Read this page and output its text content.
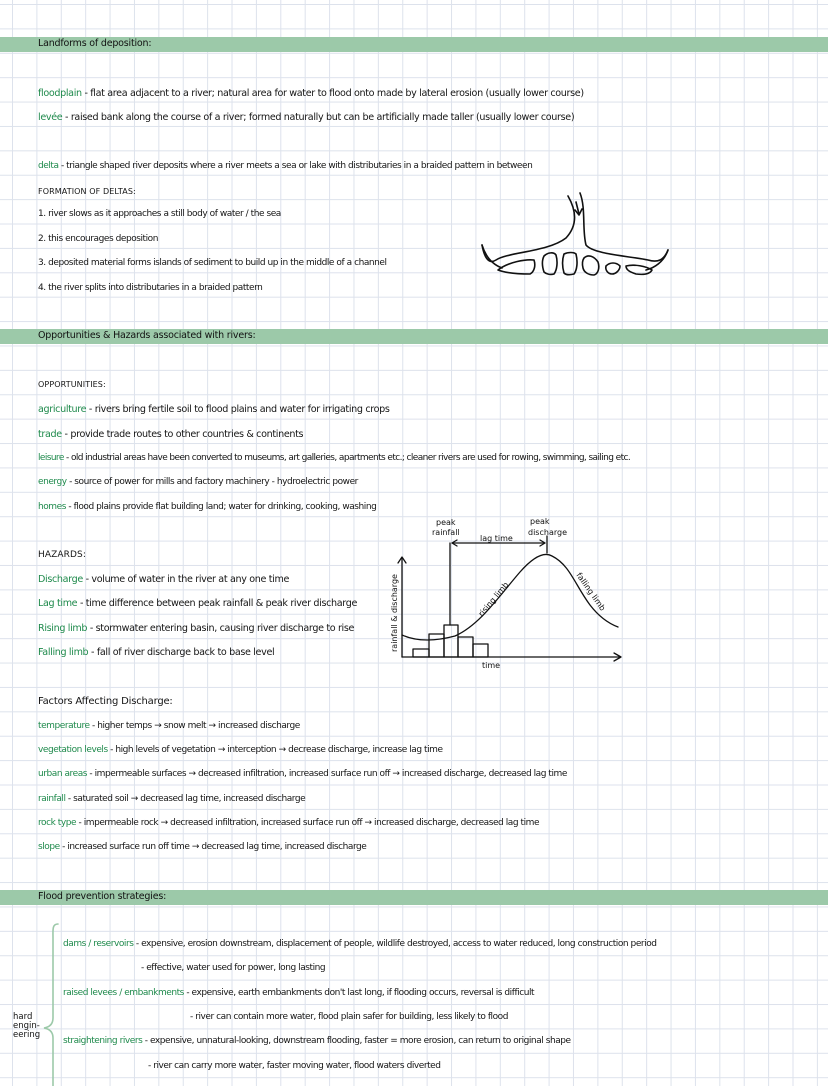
Landforms of deposition:
floodplain - flat area adjacent to a river; natural area for water to flood onto made by lateral erosion (usually lower course)
levée - raised bank along the course of a river; formed naturally but can be artificially made taller (usually lower course)
delta - triangle shaped river deposits where a river meets a sea or lake with distributaries in a braided pattern in between
FORMATION OF DELTAS:
1. river slows as it approaches a still body of water / the sea
2. this encourages deposition
3. deposited material forms islands of sediment to build up in the middle of a channel
4. the river splits into distributaries in a braided pattern
Opportunities & Hazards associated with rivers:
OPPORTUNITIES:
agriculture - rivers bring fertile soil to flood plains and water for irrigating crops
trade - provide trade routes to other countries & continents
leisure - old industrial areas have been converted to museums, art galleries, apartments etc.; cleaner rivers are used for rowing, swimming, sailing etc.
energy - source of power for mills and factory machinery - hydroelectric power
homes - flood plains provide flat building land; water for drinking, cooking, washing
HAZARDS:
Discharge - volume of water in the river at any one time
Lag time - time difference between peak rainfall & peak river discharge
Rising limb - stormwater entering basin, causing river discharge to rise
Falling limb - fall of river discharge back to base level
peak
rainfall
peak
discharge
lag time
rising limb	falling limb
time
rainfall & discharge
Factors Affecting Discharge:
temperature - higher temps → snow melt → increased discharge
vegetation levels - high levels of vegetation → interception → decrease discharge, increase lag time
urban areas - impermeable surfaces → decreased infiltration, increased surface run off → increased discharge, decreased lag time
rainfall - saturated soil → decreased lag time, increased discharge
rock type - impermeable rock → decreased infiltration, increased surface run off → increased discharge, decreased lag time
slope - increased surface run off time → decreased lag time, increased discharge
Flood prevention strategies:
hard
engin-
eering
dams / reservoirs - expensive, erosion downstream, displacement of people, wildlife destroyed, access to water reduced, long construction period
- effective, water used for power, long lasting
raised levees / embankments - expensive, earth embankments don't last long, if flooding occurs, reversal is difficult
- river can contain more water, flood plain safer for building, less likely to flood
straightening rivers - expensive, unnatural-looking, downstream flooding, faster = more erosion, can return to original shape
- river can carry more water, faster moving water, flood waters diverted
